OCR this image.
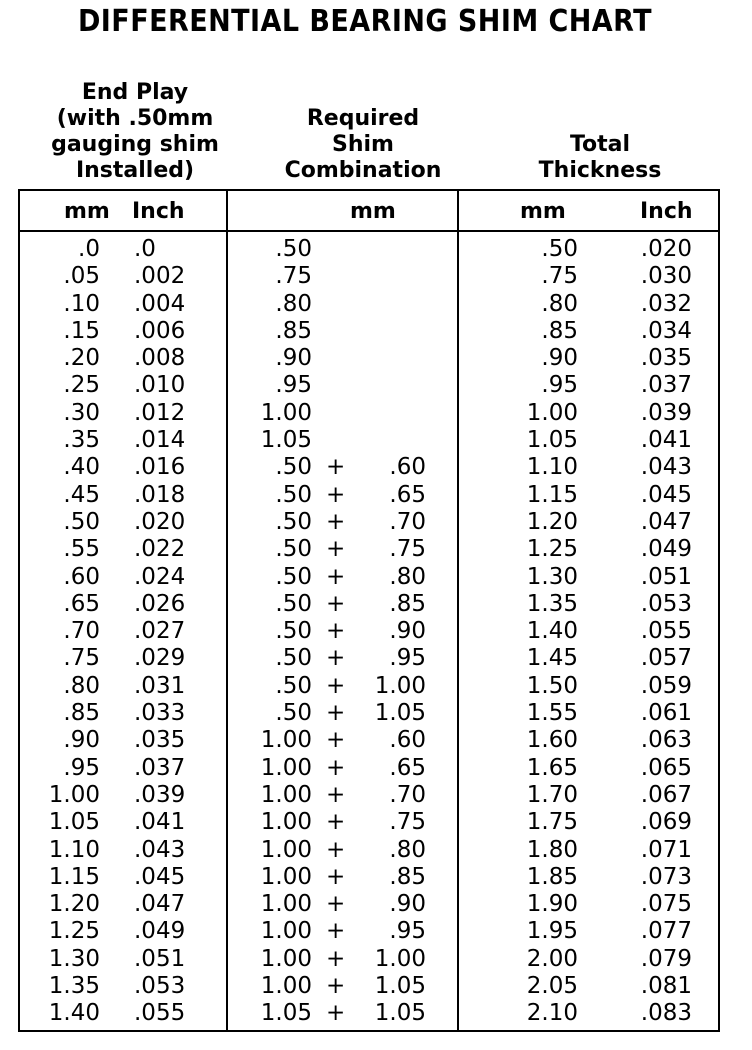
DIFFERENTIAL BEARING SHIM CHART
End Play
(with .50mm
gauging shim
Installed)
Required
Shim
Combination
Total
Thickness
mm Inch	mm	mm	Inch
.0 .0	.50	.50	.020
.05 .002	.75	.75	.030
.10 .004	.80	.80	.032
.15 .006	.85	.85	.034
.20 .008	.90	.90	.035
.25 .010	.95	.95	.037
.30 .012	1.00	1.00	.039
.35 .014	1.05	1.05	.041
.40 .016	.50 + .60	1.10	.043
.45 .018	.50 + .65	1.15	.045
.50 .020	.50 + .70	1.20	.047
.55 .022	.50 + .75	1.25	.049
.60 .024	.50 + .80	1.30	.051
.65 .026	.50 + .85	1.35	.053
.70 .027	.50 + .90	1.40	.055
.75 .029	.50 + .95	1.45	.057
.80 .031	.50 + 1.00	1.50	.059
.85 .033	.50 + 1.05	1.55	.061
.90 .035	1.00 + .60	1.60	.063
.95 .037	1.00 + .65	1.65	.065
1.00 .039	1.00 + .70	1.70	.067
1.05 .041	1.00 + .75	1.75	.069
1.10 .043	1.00 + .80	1.80	.071
1.15 .045	1.00 + .85	1.85	.073
1.20 .047	1.00 + .90	1.90	.075
1.25 .049	1.00 + .95	1.95	.077
1.30 .051	1.00 + 1.00	2.00	.079
1.35 .053	1.00 + 1.05	2.05	.081
1.40 .055	1.05 + 1.05	2.10	.083
